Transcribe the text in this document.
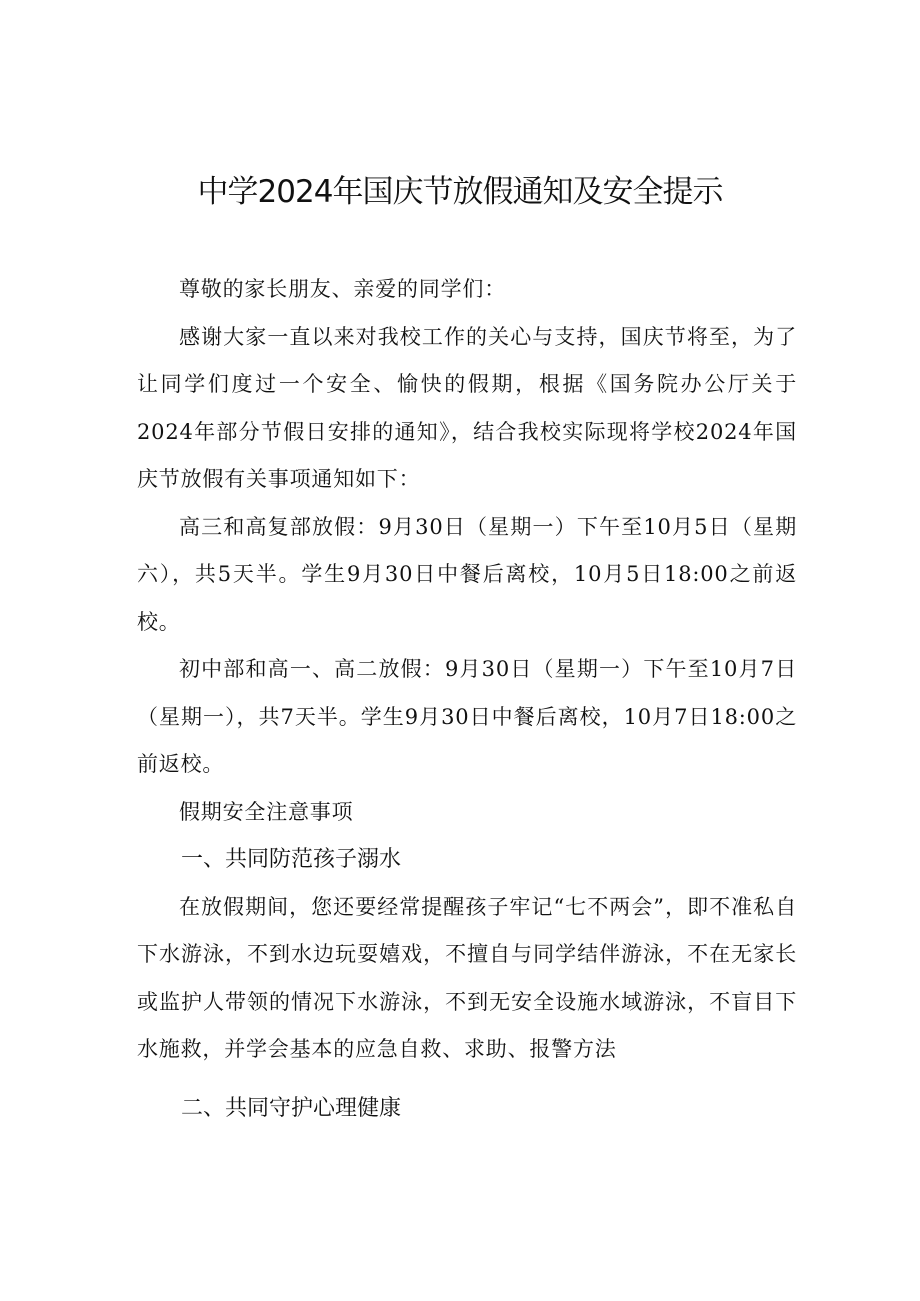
中学2024年国庆节放假通知及安全提示

尊敬的家长朋友、亲爱的同学们：

感谢大家一直以来对我校工作的关心与支持，国庆节将至，为了让同学们度过一个安全、愉快的假期，根据《国务院办公厅关于2024年部分节假日安排的通知》，结合我校实际现将学校2024年国庆节放假有关事项通知如下：

高三和高复部放假：9月30日（星期一）下午至10月5日（星期六），共5天半。学生9月30日中餐后离校，10月5日18:00之前返校。

初中部和高一、高二放假：9月30日（星期一）下午至10月7日（星期一），共7天半。学生9月30日中餐后离校，10月7日18:00之前返校。

假期安全注意事项

一、共同防范孩子溺水

在放假期间，您还要经常提醒孩子牢记“七不两会”，即不准私自下水游泳，不到水边玩耍嬉戏，不擅自与同学结伴游泳，不在无家长或监护人带领的情况下水游泳，不到无安全设施水域游泳，不盲目下水施救，并学会基本的应急自救、求助、报警方法

二、共同守护心理健康
